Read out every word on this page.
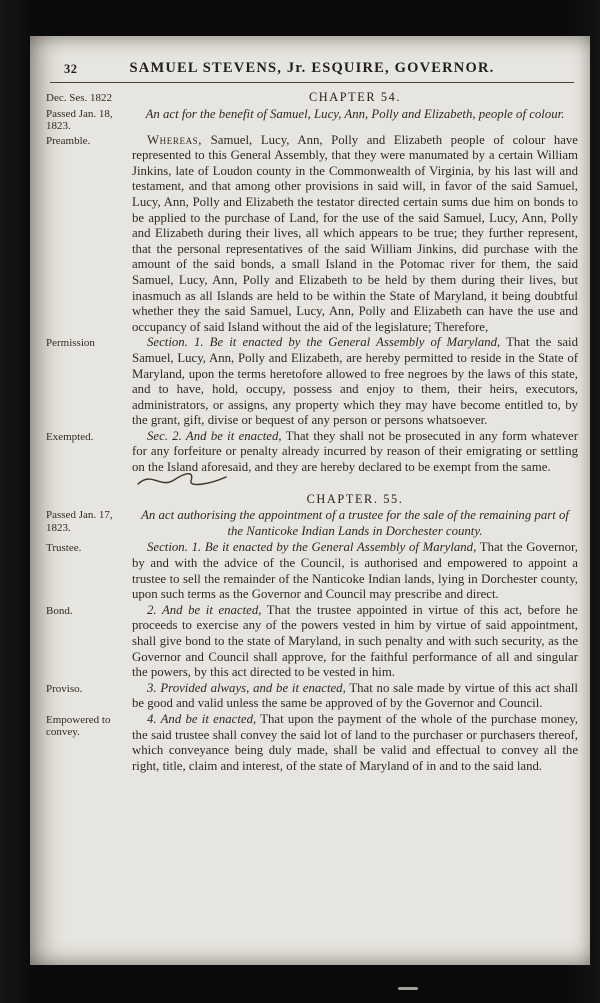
32	SAMUEL STEVENS, Jr. ESQUIRE, GOVERNOR.
Dec. Ses. 1822	CHAPTER 54.
Passed Jan. 18, 1823.
An act for the benefit of Samuel, Lucy, Ann, Polly and Elizabeth, people of colour.
Preamble.	Whereas, Samuel, Lucy, Ann, Polly and Elizabeth people of colour have represented to this General Assembly, that they were manumated by a certain William Jinkins, late of Loudon county in the Commonwealth of Virginia, by his last will and testament, and that among other provisions in said will, in favor of the said Samuel, Lucy, Ann, Polly and Elizabeth the testator directed certain sums due him on bonds to be applied to the purchase of Land, for the use of the said Samuel, Lucy, Ann, Polly and Elizabeth during their lives, all which appears to be true; they further represent, that the personal representatives of the said William Jinkins, did purchase with the amount of the said bonds, a small Island in the Potomac river for them, the said Samuel, Lucy, Ann, Polly and Elizabeth to be held by them during their lives, but inasmuch as all Islands are held to be within the State of Maryland, it being doubtful whether they the said Samuel, Lucy, Ann, Polly and Elizabeth can have the use and occupancy of said Island without the aid of the legislature; Therefore,

Permission	Section. 1. Be it enacted by the General Assembly of Maryland, That the said Samuel, Lucy, Ann, Polly and Elizabeth, are hereby permitted to reside in the State of Maryland, upon the terms heretofore allowed to free negroes by the laws of this state, and to have, hold, occupy, possess and enjoy to them, their heirs, executors, administrators, or assigns, any property which they may have become entitled to, by the grant, gift, divise or bequest of any person or persons whatsoever.

Exempted.	Sec. 2. And be it enacted, That they shall not be prosecuted in any form whatever for any forfeiture or penalty already incurred by reason of their emigrating or settling on the Island aforesaid, and they are hereby declared to be exempt from the same.

CHAPTER. 55.
Passed Jan. 17, 1823.
An act authorising the appointment of a trustee for the sale of the remaining part of the Nanticoke Indian Lands in Dorchester county.
Trustee.	Section. 1. Be it enacted by the General Assembly of Maryland, That the Governor, by and with the advice of the Council, is authorised and empowered to appoint a trustee to sell the remainder of the Nanticoke Indian lands, lying in Dorchester county, upon such terms as the Governor and Council may prescribe and direct.

Bond.	2. And be it enacted, That the trustee appointed in virtue of this act, before he proceeds to exercise any of the powers vested in him by virtue of said appointment, shall give bond to the state of Maryland, in such penalty and with such security, as the Governor and Council shall approve, for the faithful performance of all and singular the powers, by this act directed to be vested in him.

Proviso.	3. Provided always, and be it enacted, That no sale made by virtue of this act shall be good and valid unless the same be approved of by the Governor and Council.

Empowered to convey.

4. And be it enacted, That upon the payment of the whole of the purchase money, the said trustee shall convey the said lot of land to the purchaser or purchasers thereof, which conveyance being duly made, shall be valid and effectual to convey all the right, title, claim and interest, of the state of Maryland of in and to the said land.
